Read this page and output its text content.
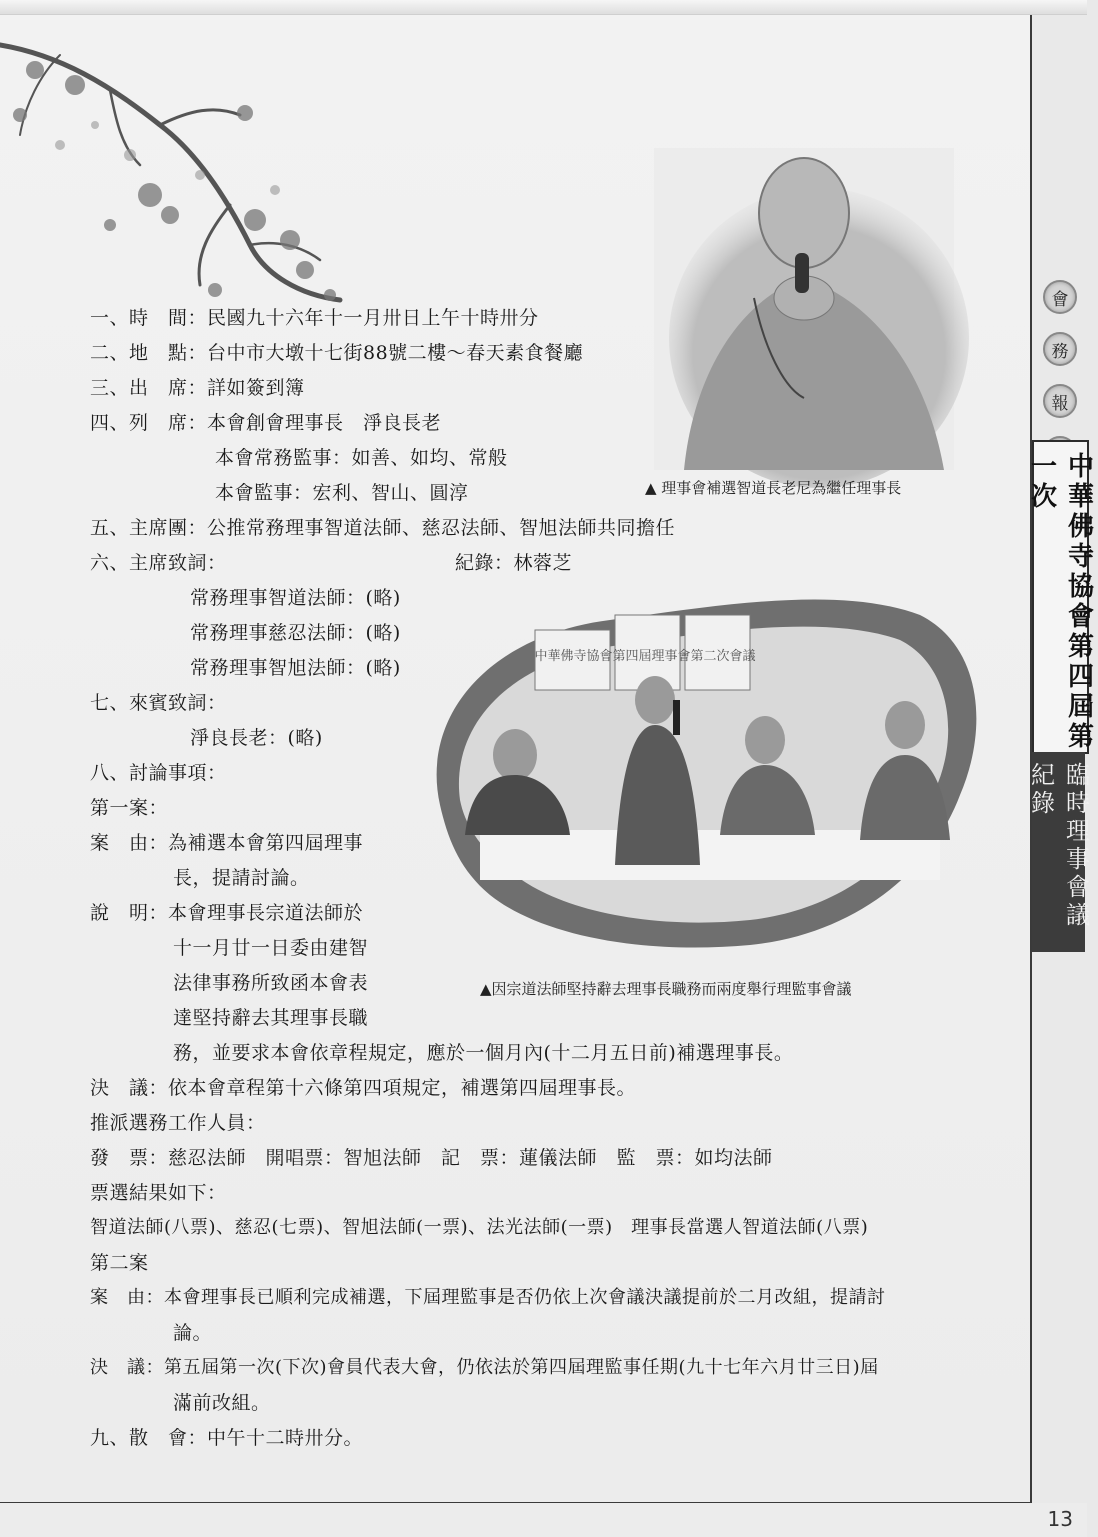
▲ 理事會補選智道長老尼為繼任理事長
中華佛寺協會第四屆理事會第二次會議
▲因宗道法師堅持辭去理事長職務而兩度舉行理監事會議
一、時　間：民國九十六年十一月卅日上午十時卅分
二、地　點：台中市大墩十七街88號二樓～春天素食餐廳
三、出　席：詳如簽到簿
四、列　席：本會創會理事長　淨良長老
本會常務監事：如善、如均、常般
本會監事：宏利、智山、圓淳
五、主席團：公推常務理事智道法師、慈忍法師、智旭法師共同擔任
六、主席致詞：	紀錄：林蓉芝
常務理事智道法師：(略)
常務理事慈忍法師：(略)
常務理事智旭法師：(略)
七、來賓致詞：
淨良長老：(略)
八、討論事項：
第一案：
案　由：為補選本會第四屆理事
長，提請討論。
說　明：本會理事長宗道法師於
十一月廿一日委由建智
法律事務所致函本會表
達堅持辭去其理事長職
務，並要求本會依章程規定，應於一個月內(十二月五日前)補選理事長。
決　議：依本會章程第十六條第四項規定，補選第四屆理事長。
推派選務工作人員：
發　票：慈忍法師　開唱票：智旭法師　記　票：蓮儀法師　監　票：如均法師
票選結果如下：
智道法師(八票)、慈忍(七票)、智旭法師(一票)、法光法師(一票)　理事長當選人智道法師(八票)
第二案
案　由：本會理事長已順利完成補選，下屆理監事是否仍依上次會議決議提前於二月改組，提請討
論。
決　議：第五屆第一次(下次)會員代表大會，仍依法於第四屆理監事任期(九十七年六月廿三日)屆
滿前改組。
九、散　會：中午十二時卅分。
會
務
報
中華佛寺協會第四屆第一次
臨時理事會議紀錄
13
